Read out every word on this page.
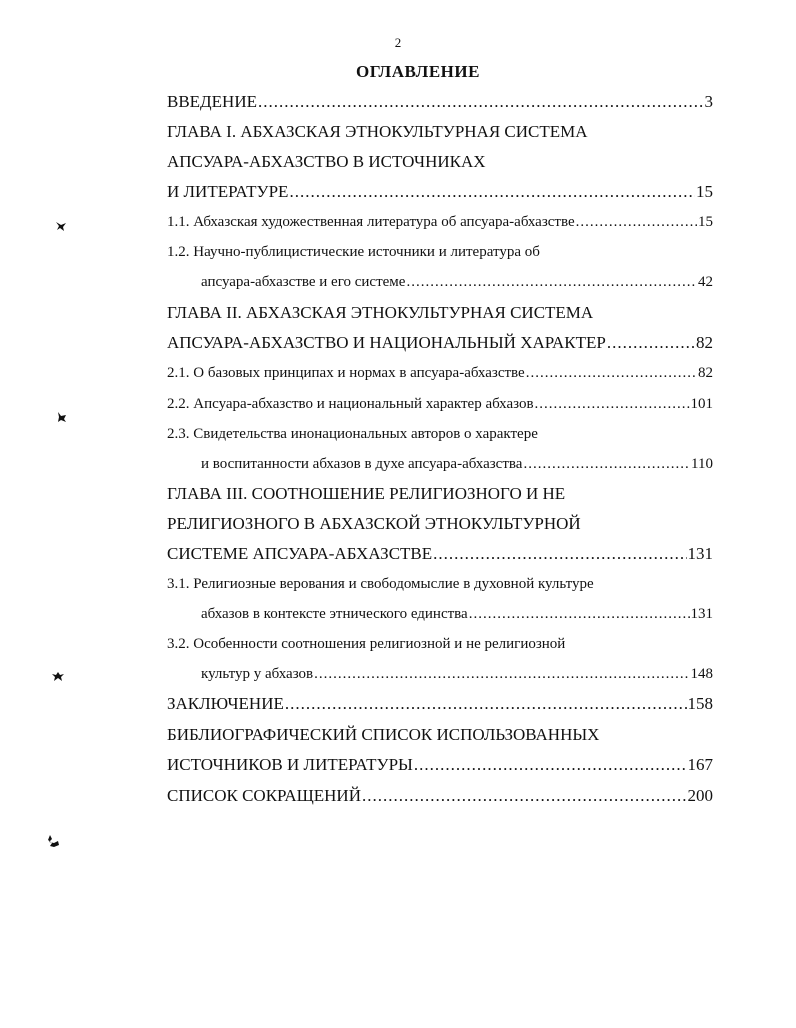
2
ОГЛАВЛЕНИЕ
ВВЕДЕНИЕ .....	3
ГЛАВА I. АБХАЗСКАЯ ЭТНОКУЛЬТУРНАЯ СИСТЕМА
АПСУАРА-АБХАЗСТВО В ИСТОЧНИКАХ
И ЛИТЕРАТУРЕ .....	15
1.1. Абхазская художественная литература об апсуара-абхазстве .....	15
1.2. Научно-публицистические источники и литература об
апсуара-абхазстве и его системе .....	42
ГЛАВА II. АБХАЗСКАЯ ЭТНОКУЛЬТУРНАЯ СИСТЕМА
АПСУАРА-АБХАЗСТВО И НАЦИОНАЛЬНЫЙ ХАРАКТЕР .....	82
2.1. О базовых принципах и нормах в апсуара-абхазстве .....	82
2.2. Апсуара-абхазство и национальный характер абхазов .....	101
2.3. Свидетельства инонациональных авторов о характере
и воспитанности абхазов в духе апсуара-абхазства .....	110
ГЛАВА III. СООТНОШЕНИЕ РЕЛИГИОЗНОГО И НЕ
РЕЛИГИОЗНОГО В АБХАЗСКОЙ ЭТНОКУЛЬТУРНОЙ
СИСТЕМЕ АПСУАРА-АБХАЗСТВЕ .....	131
3.1. Религиозные верования и свободомыслие в духовной культуре
абхазов в контексте этнического единства .....	131
3.2. Особенности соотношения религиозной и не религиозной
культур у абхазов .....	148
ЗАКЛЮЧЕНИЕ .....	158
БИБЛИОГРАФИЧЕСКИЙ СПИСОК ИСПОЛЬЗОВАННЫХ
ИСТОЧНИКОВ И ЛИТЕРАТУРЫ .....	167
СПИСОК СОКРАЩЕНИЙ .....	200
